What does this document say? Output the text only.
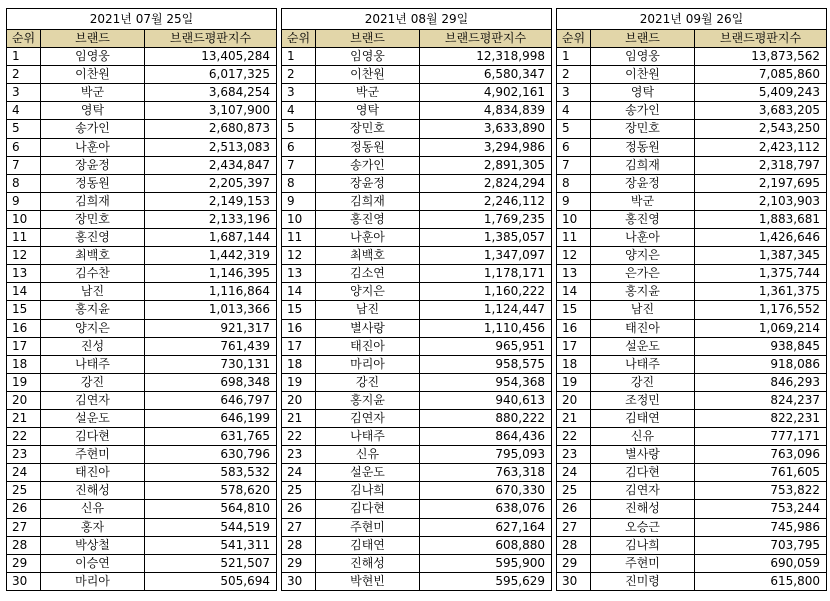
2021년 07월 25일
순위	브랜드	브랜드평판지수
1	임영웅	13,405,284
2	이찬원	6,017,325
3	박군	3,684,254
4	영탁	3,107,900
5	송가인	2,680,873
6	나훈아	2,513,083
7	장윤정	2,434,847
8	정동원	2,205,397
9	김희재	2,149,153
10	장민호	2,133,196
11	홍진영	1,687,144
12	최백호	1,442,319
13	김수찬	1,146,395
14	남진	1,116,864
15	홍지윤	1,013,366
16	양지은	921,317
17	진성	761,439
18	나태주	730,131
19	강진	698,348
20	김연자	646,797
21	설운도	646,199
22	김다현	631,765
23	주현미	630,796
24	태진아	583,532
25	진해성	578,620
26	신유	564,810
27	홍자	544,519
28	박상철	541,311
29	이승연	521,507
30	마리아	505,694
2021년 08월 29일
순위	브랜드	브랜드평판지수
1	임영웅	12,318,998
2	이찬원	6,580,347
3	박군	4,902,161
4	영탁	4,834,839
5	장민호	3,633,890
6	정동원	3,294,986
7	송가인	2,891,305
8	장윤정	2,824,294
9	김희재	2,246,112
10	홍진영	1,769,235
11	나훈아	1,385,057
12	최백호	1,347,097
13	김소연	1,178,171
14	양지은	1,160,222
15	남진	1,124,447
16	별사랑	1,110,456
17	태진아	965,951
18	마리아	958,575
19	강진	954,368
20	홍지윤	940,613
21	김연자	880,222
22	나태주	864,436
23	신유	795,093
24	설운도	763,318
25	김나희	670,330
26	김다현	638,076
27	주현미	627,164
28	김태연	608,880
29	진해성	595,900
30	박현빈	595,629
2021년 09월 26일
순위	브랜드	브랜드평판지수
1	임영웅	13,873,562
2	이찬원	7,085,860
3	영탁	5,409,243
4	송가인	3,683,205
5	장민호	2,543,250
6	정동원	2,423,112
7	김희재	2,318,797
8	장윤정	2,197,695
9	박군	2,103,903
10	홍진영	1,883,681
11	나훈아	1,426,646
12	양지은	1,387,345
13	은가은	1,375,744
14	홍지윤	1,361,375
15	남진	1,176,552
16	태진아	1,069,214
17	설운도	938,845
18	나태주	918,086
19	강진	846,293
20	조정민	824,237
21	김태연	822,231
22	신유	777,171
23	별사랑	763,096
24	김다현	761,605
25	김연자	753,822
26	진해성	753,244
27	오승근	745,986
28	김나희	703,795
29	주현미	690,059
30	진미령	615,800
